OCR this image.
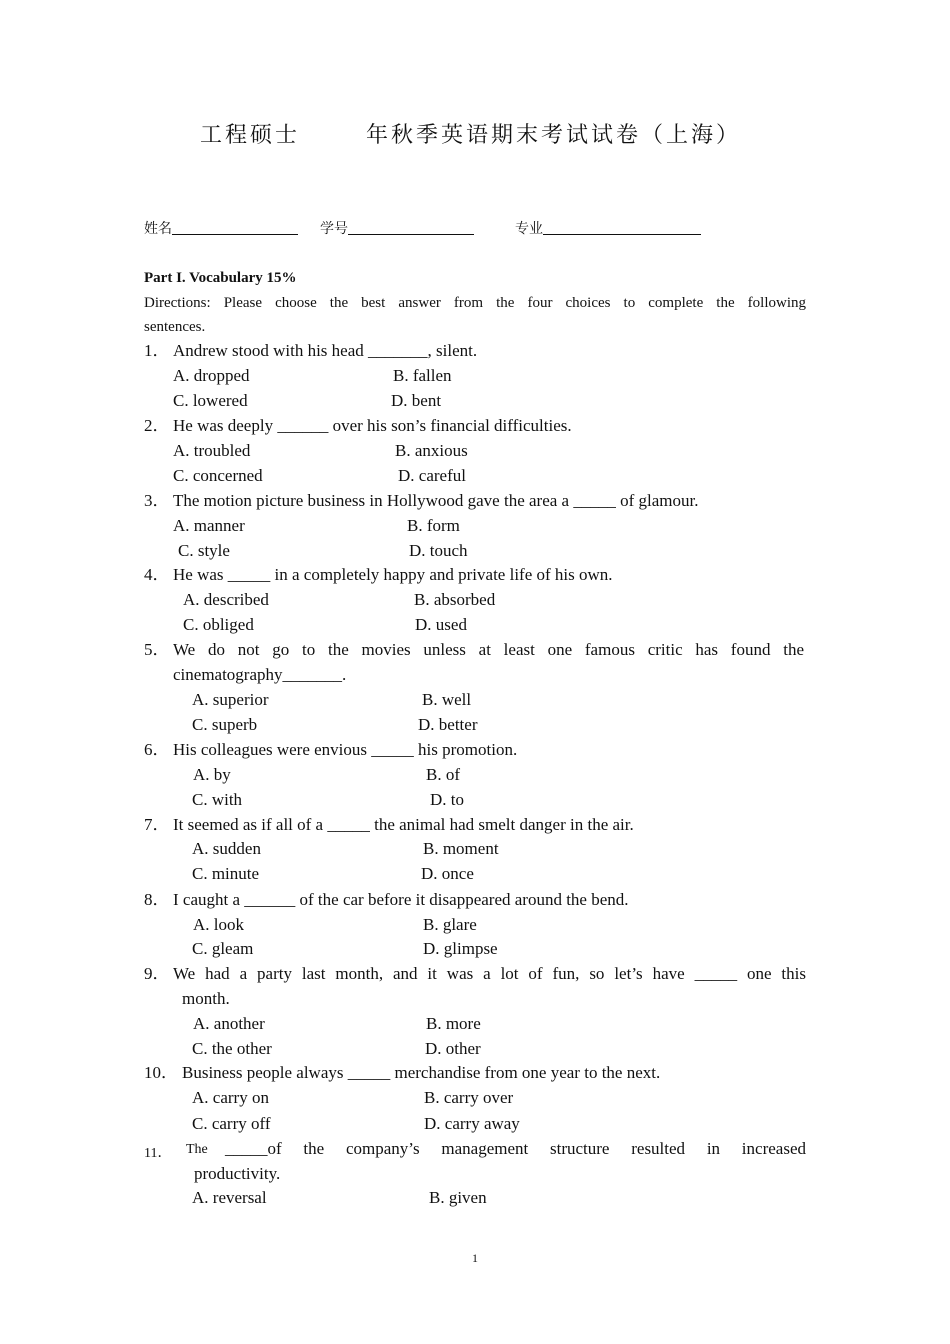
工程硕士	年秋季英语期末考试试卷（上海）
姓名	学号	专业
Part I. Vocabulary 15%
Directions: Please choose the best answer from the four choices to complete the following
sentences.
1． Andrew stood with his head _______, silent.
A. dropped	B. fallen
C. lowered	D. bent
2． He was deeply ______ over his son’s financial difficulties.
A. troubled	B. anxious
C. concerned	D. careful
3． The motion picture business in Hollywood gave the area a _____ of glamour.
A. manner	B. form
C. style	D. touch
4． He was _____ in a completely happy and private life of his own.
A. described	B. absorbed
C. obliged	D. used
5． We do not go to the movies unless at least one famous critic has found the
cinematography_______.
A. superior	B. well
C. superb	D. better
6． His colleagues were envious _____ his promotion.
A. by	B. of
C. with	D. to
7． It seemed as if all of a _____ the animal had smelt danger in the air.
A. sudden	B. moment
C. minute	D. once
8． I caught a ______ of the car before it disappeared around the bend.
A. look	B. glare
C. gleam	D. glimpse
9． We had a party last month, and it was a lot of fun, so let’s have _____ one this
month.
A. another	B. more
C. the other	D. other
10． Business people always _____ merchandise from one year to the next.
A. carry on	B. carry over
C. carry off	D. carry away
11． The _____of the company’s management structure resulted in increased
productivity.
A. reversal	B. given
1
